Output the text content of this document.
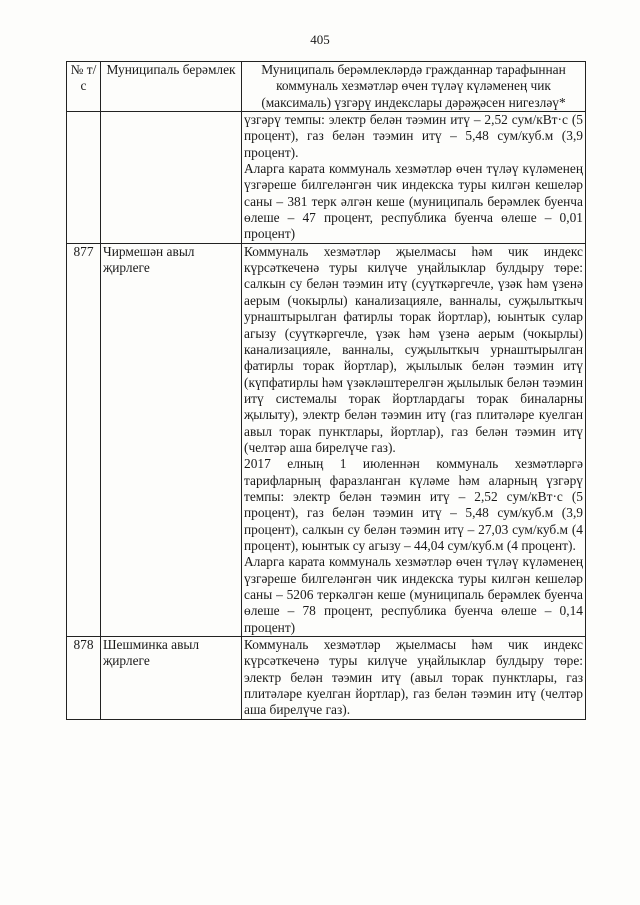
405
№ т/с	Муниципаль берәмлек	Муниципаль берәмлекләрдә гражданнар тарафыннан коммуналь хезмәтләр өчен түләү күләменең чик (максималь) үзгәрү индекслары дәрәҗәсен нигезләү*

		үзгәрү темпы: электр белән тәэмин итү – 2,52 сум/кВт·с (5 процент), газ белән тәэмин итү – 5,48 сум/куб.м (3,9 процент).
Аларга карата коммуналь хезмәтләр өчен түләү күләменең үзгәреше билгеләнгән чик индекска туры килгән кешеләр саны – 381 терк әлгән кеше (муниципаль берәмлек буенча өлеше – 47 процент, республика буенча өлеше – 0,01 процент)

877	Чирмешән авыл җирлеге	Коммуналь хезмәтләр җыелмасы һәм чик индекс күрсәткеченә туры килүче уңайлыклар булдыру төре: салкын су белән тәэмин итү (суүткәргечле, үзәк һәм үзенә аерым (чокырлы) канализацияле, ванналы, суҗылыткыч урнаштырылган фатирлы торак йортлар), юынтык сулар агызу (суүткәргечле, үзәк һәм үзенә аерым (чокырлы) канализацияле, ванналы, суҗылыткыч урнаштырылган фатирлы торак йортлар), җылылык белән тәэмин итү (күпфатирлы һәм үзәкләштерелгән җылылык белән тәэмин итү системалы торак йортлардагы торак биналарны җылыту), электр белән тәэмин итү (газ плитәләре куелган авыл торак пунктлары, йортлар), газ белән тәэмин итү (челтәр аша бирелүче газ).
2017 елның 1 июленнән коммуналь хезмәтләргә тарифларның фаразланган күләме һәм аларның үзгәрү темпы: электр белән тәэмин итү – 2,52 сум/кВт·с (5 процент), газ белән тәэмин итү – 5,48 сум/куб.м (3,9 процент), салкын су белән тәэмин итү – 27,03 сум/куб.м (4 процент), юынтык су агызу – 44,04 сум/куб.м (4 процент).
Аларга карата коммуналь хезмәтләр өчен түләү күләменең үзгәреше билгеләнгән чик индекска туры килгән кешеләр саны – 5206 теркәлгән кеше (муниципаль берәмлек буенча өлеше – 78 процент, республика буенча өлеше – 0,14 процент)

878	Шешминка авыл җирлеге	Коммуналь хезмәтләр җыелмасы һәм чик индекс күрсәткеченә туры килүче уңайлыклар булдыру төре: электр белән тәэмин итү (авыл торак пунктлары, газ плитәләре куелган йортлар), газ белән тәэмин итү (челтәр аша бирелүче газ).
